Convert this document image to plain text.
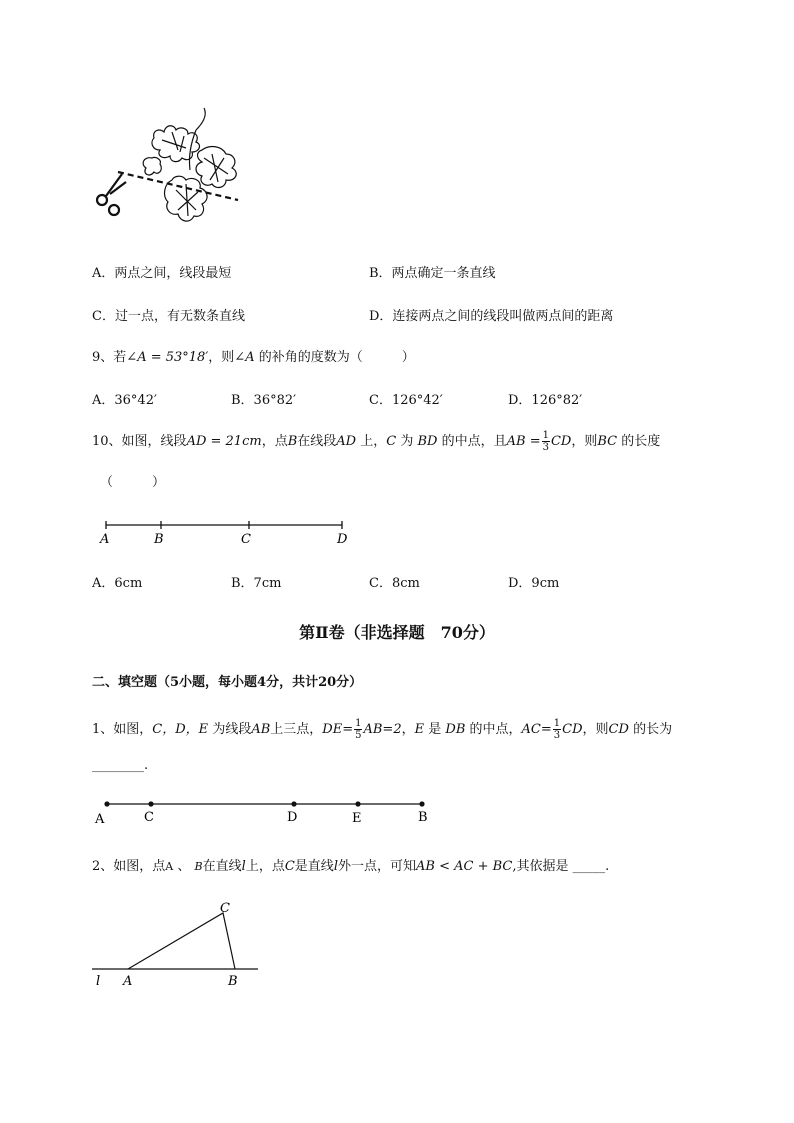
A．两点之间，线段最短	B．两点确定一条直线
C．过一点，有无数条直线	D．连接两点之间的线段叫做两点间的距离
9、若∠A = 53°18′，则∠A 的补角的度数为（　　　）
A．36°42′	B．36°82′	C．126°42′	D．126°82′
10、如图，线段AD = 21cm，点B在线段AD 上，C 为 BD 的中点，且AB = $\frac{1}{3}$ CD，则BC 的长度
（　　　）
A	B	C	D
A．6cm	B．7cm	C．8cm	D．9cm
第Ⅱ卷（非选择题　70分）
二、填空题（5小题，每小题4分，共计20分）
1、如图，C，D，E 为线段AB上三点，$DE= \frac{1}{5} AB=2$，E 是 DB 的中点，$AC= \frac{1}{3}$ CD，则CD 的长为
________.
A	C	D	E	B
2、如图，点A 、 B在直线l上，点C是直线l外一点，可知AB < AC + BC,其依据是 _____.
C
l A	B
